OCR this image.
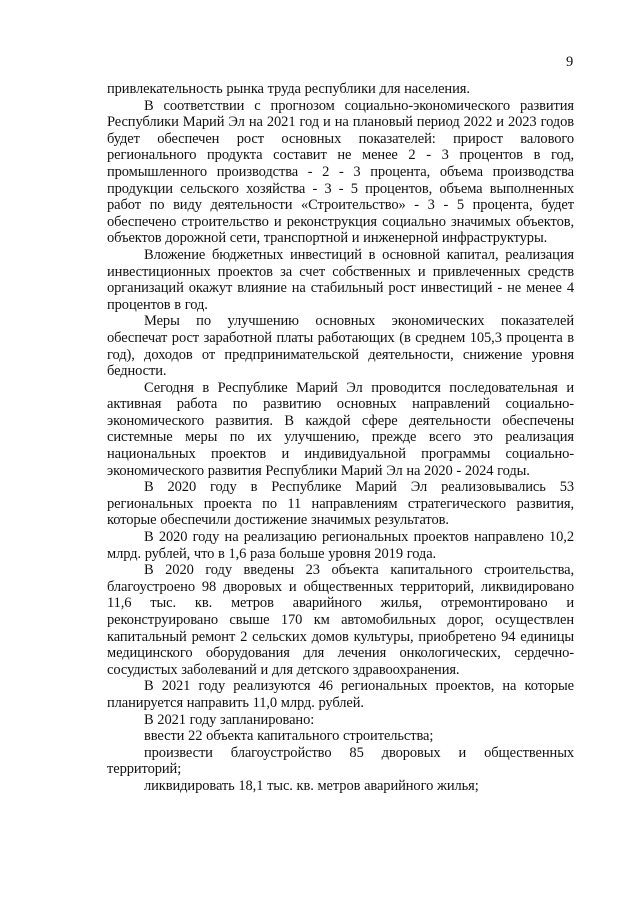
9

привлекательность рынка труда республики для населения.

В соответствии с прогнозом социально-экономического развития Республики Марий Эл на 2021 год и на плановый период 2022 и 2023 годов будет обеспечен рост основных показателей: прирост валового регионального продукта составит не менее 2 - 3 процентов в год, промышленного производства - 2 - 3 процента, объема производства продукции сельского хозяйства - 3 - 5 процентов, объема выполненных работ по виду деятельности «Строительство» - 3 - 5 процента, будет обеспечено строительство и реконструкция социально значимых объектов, объектов дорожной сети, транспортной и инженерной инфраструктуры.

Вложение бюджетных инвестиций в основной капитал, реализация инвестиционных проектов за счет собственных и привлеченных средств организаций окажут влияние на стабильный рост инвестиций - не менее 4 процентов в год.

Меры по улучшению основных экономических показателей обеспечат рост заработной платы работающих (в среднем 105,3 процента в год), доходов от предпринимательской деятельности, снижение уровня бедности.

Сегодня в Республике Марий Эл проводится последовательная и активная работа по развитию основных направлений социально-экономического развития. В каждой сфере деятельности обеспечены системные меры по их улучшению, прежде всего это реализация национальных проектов и индивидуальной программы социально-экономического развития Республики Марий Эл на 2020 - 2024 годы.

В 2020 году в Республике Марий Эл реализовывались 53 региональных проекта по 11 направлениям стратегического развития, которые обеспечили достижение значимых результатов.

В 2020 году на реализацию региональных проектов направлено 10,2 млрд. рублей, что в 1,6 раза больше уровня 2019 года.

В 2020 году введены 23 объекта капитального строительства, благоустроено 98 дворовых и общественных территорий, ликвидировано 11,6 тыс. кв. метров аварийного жилья, отремонтировано и реконструировано свыше 170 км автомобильных дорог, осуществлен капитальный ремонт 2 сельских домов культуры, приобретено 94 единицы медицинского оборудования для лечения онкологических, сердечно-сосудистых заболеваний и для детского здравоохранения.

В 2021 году реализуются 46 региональных проектов, на которые планируется направить 11,0 млрд. рублей.

В 2021 году запланировано:

ввести 22 объекта капитального строительства;

произвести благоустройство 85 дворовых и общественных территорий;

ликвидировать 18,1 тыс. кв. метров аварийного жилья;
